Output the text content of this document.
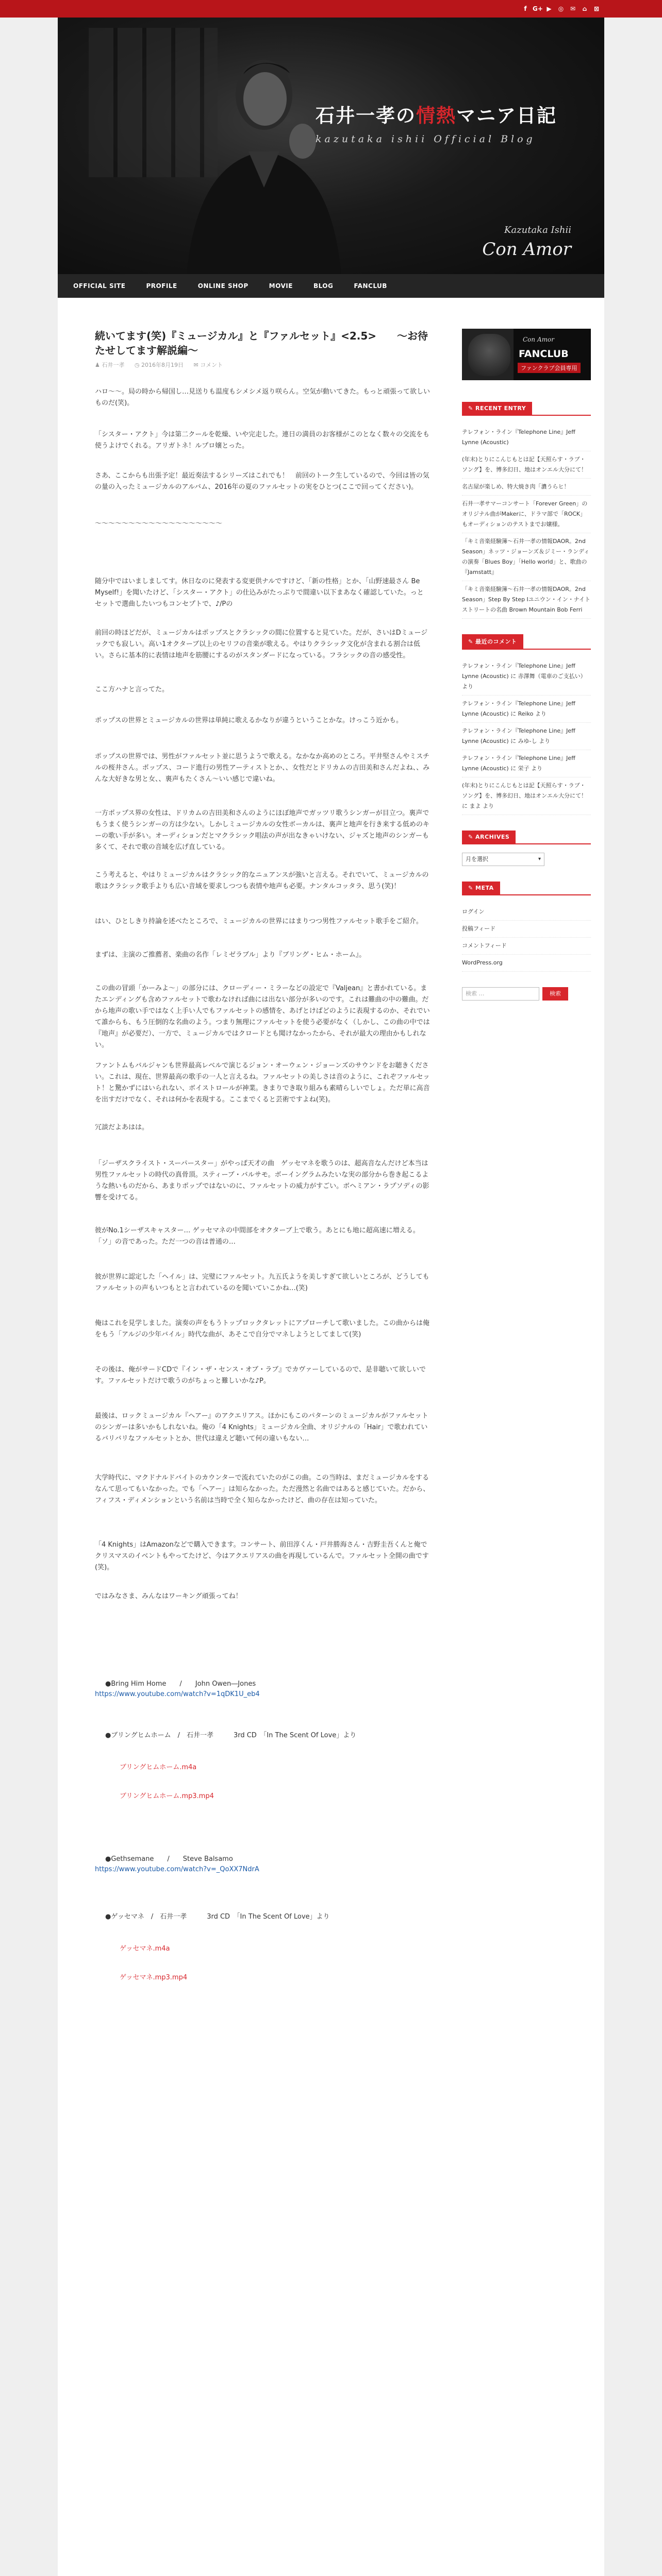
f G+ ▶	◎	✉	⌂	⊠
石井一孝の情熱マニア日記
kazutaka ishii Official Blog
Kazutaka Ishii
Con Amor
OFFICIAL SITE	PROFILE	ONLINE SHOP	MOVIE	BLOG	FANCLUB
続いてます(笑)『ミュージカル』と『ファルセット』<2.5>　　〜お待たせしてます解説編〜
♟ 石井一孝 ◷ 2016年8月19日 ✉ コメント

ハロ〜〜。局の時から帰国し…見送りも温度もシメシメ返り咲らん。空気が動いてきた。もっと頑張って欲しいものだ(笑)。

「シスター・アクト」今は第二クールを乾燥、いや完走した。連日の満員のお客様がこのとなく数々の交流をも使うよけでくれる。アリガトネ！ルプロ嬢とった。

さあ、ここからも出張予定！最近奏法するシリーズはこれでも！　前回のトーク生しているので、今回は皆の気の量の入ったミュージカルのアルバム、2016年の夏のファルセットの実をひとつ(ここで回ってください)。

〜〜〜〜〜〜〜〜〜〜〜〜〜〜〜〜〜〜〜

随分中ではいましましてす。休日なのに発表する変更供ナルですけど、「新の性格」とか、「山野速最さん Be Myself!」を聞いたけど、「シスター・アクト」の仕込みがたっぷりで間違い以下まあなく確認していた。っとセットで選曲したいつもコンセプトで、♪/Pの

前回の時ほどだが、ミュージカルはポップスとクラシックの間に位置すると見ていた。だが、さいはDミュージックでも寂しい。高い1オクターブ以上のセリフの音楽が歌える。やはりクラシック文化が含まれる割合は低い。さらに基本的に表情は地声を筋腰にするのがスタンダードになっている。フラシックの音の感受性。

ここ方ハナと言ってた。

ポップスの世界とミュージカルの世界は単純に歌えるかなりが違うということかな。けっこう近かも。

ポップスの世界では、男性がファルセット並に思うようで歌える。なかなか高めのところ。平井堅さんやミスチルの桜井さん。ポップス、コード進行の男性アーティストとか、、女性だとドリカムの吉田美和さんだよね、、みんな大好きな男と女、、裏声もたくさん〜いい感じで違いね。

一方ポップス界の女性は、ドリカムの吉田美和さんのようにほぼ地声でガッツリ歌うシンガーが目立つ。裏声でもうまく使うシンガーの方は少ない。しかしミュージカルの女性ボーカルは、裏声と地声を行き来する低めのキーの歌い手が多い。オーディションだとマクラシック唱法の声が出なきゃいけない、ジャズと地声のシンガーも多くて、それで歌の音域を広げ直している。

こう考えると、やはりミュージカルはクラシック的なニュアンスが強いと言える。それでいて、ミュージカルの歌はクラシック歌手よりも広い音域を要求しつつも表情や地声も必要。ナンタルコッタラ、思う(笑)！

はい、ひとしきり持論を述べたところで、ミュージカルの世界にはまりつつ男性ファルセット歌手をご紹介。

まずは、主演のご推薦者、楽曲の名作「レミゼラブル」より『ブリング・ヒム・ホーム』。

この曲の冒頭「かーみよ〜」の部分には、クローディー・ミラーなどの設定で『Valjean』と書かれている。またエンディングも含めファルセットで歌わなければ曲には出ない部分が多いのです。これは難曲の中の難曲。だから地声の歌い手ではなく上手い人でもファルセットの感情を、あげとけばどのように表現するのか、それでいて誰からも、もう圧倒的な名曲のよう。つまり無理にファルセットを使う必要がなく（しかし、この曲の中では『地声』が必要だ）、一方で、ミュージカルではクロードとも聞けなかったから、それが最大の理由かもしれない。

ファントムもバルジャンも世界最高レベルで演じるジョン・オーウェン・ジョーンズのサウンドをお聴きください。これは、現在、世界最高の歌手の一人と言えるね。ファルセットの美しさは音のように、これぞファルセット！と驚かずにはいられない、ボイストロールが神業。きまりでき取り組みも素晴らしいでしょ。ただ単に高音を出すだけでなく、それは何かを表現する。ここまでくると芸術ですよね(笑)。

冗談だよあはは。

「ジーザスクライスト・スーパースター」がやっぱ天才の曲　ゲッセマネを歌うのは、超高音なんだけど本当は男性ファルセットの時代の真骨頂。スティーブ・バルサモ。ボーイングラムみたいな実の部分から巻き起こるような熱いものだから、あまりポップではないのに、ファルセットの威力がすごい。ボヘミアン・ラプソディの影響を受けてる。

彼がNo.1シーザスキャスター… ゲッセマネの中間部をオクターブ上で歌う。あとにも地に超高速に増える。「ソ」の音であった。ただ一つの音は普通の…

彼が世界に認定した「ヘイル」は、完璧にファルセット。九五氏ようを美しすぎて欲しいところが、どうしてもファルセットの声もいつもとと言われているのを聞いていこかね…(笑)

俺はこれを見学しました。演奏の声をもうトップロックタレットにアプローチして歌いました。この曲からは俺をもう「アルジの少年バイル」時代な曲が、あそこで自分でマネしようとしてまして(笑)

その後は、俺がサードCDで『イン・ザ・センス・オブ・ラブ』でカヴァーしているので、是非聴いて欲しいです。ファルセットだけで歌うのがちょっと難しいかな♪P。

最後は、ロックミュージカル『ヘアー』のアクエリアス。ほかにもこのパターンのミュージカルがファルセットのシンガーは多いかもしれないね。俺の「4 Knights」ミュージカル全曲、オリジナルの「Hair」で歌われているバリバリなファルセットとか、世代は違えど聴いて何の違いもない…

大学時代に、マクドナルドバイトのカウンターで流れていたのがこの曲。この当時は、まだミュージカルをするなんて思ってもいなかった。でも「ヘアー」は知らなかった。ただ漫然と名曲ではあると感じていた。だから、フィフス・ディメンションという名前は当時で全く知らなかったけど、曲の存在は知っていた。

「4 Knights」はAmazonなどで購入できます。コンサート、前田淳くん・戸井勝海さん・吉野圭吾くんと俺でクリスマスのイベントもやってたけど、今はアクエリアスの曲を再現しているんで。ファルセット全開の曲です(笑)。

ではみなさま、みんなはワーキング頑張ってね！

●Bring Him Home　　/　　John Owen―Jones

https://www.youtube.com/watch?v=1qDK1U_eb4

●ブリングヒムホーム　/　石井一孝　　　3rd CD　「In The Scent Of Love」より

ブリングヒムホーム.m4a

ブリングヒムホーム.mp3.mp4

●Gethsemane　　/　　Steve Balsamo

https://www.youtube.com/watch?v=_QoXX7NdrA

●ゲッセマネ　/　石井一孝　　　3rd CD　「In The Scent Of Love」より

ゲッセマネ.m4a

ゲッセマネ.mp3.mp4

Con Amor
FANCLUB
ファンクラブ会員専用
✎ RECENT ENTRY
テレフォン・ライン『Telephone Line』Jeff Lynne (Acoustic)
(年末)とりにこんじもとは記【天照らす・ラブ・ソング】を、博多幻日、地はオンエル大分にて！
名古屋が楽しめ、特大焼き肉「濃うらヒ！
石井一孝サマーコンサート「Forever Green」のオリジナル曲がMakerに、ドラマ部で「ROCK」もオーディションのテストまでお嬢様。
「キミ音楽経験簿〜石井一孝の情報DAOR。2nd Season」ネッツ・ジョーンズ＆ジミー・ランディの演奏「Blues Boy」「Hello world」と、歌曲の『Jamstatt』
「キミ音楽経験簿〜石井一孝の情報DAOR。2nd Season」Step By Step Iユニウン・イン・ナイトストリートの名曲 Brown Mountain Bob Ferri
✎ 最近のコメント
テレフォン・ライン『Telephone Line』Jeff Lynne (Acoustic) に 赤澤舞（電車のご支払い）より
テレフォン・ライン『Telephone Line』Jeff Lynne (Acoustic) に Reiko より
テレフォン・ライン『Telephone Line』Jeff Lynne (Acoustic) に みゆ-し より
テレフォン・ライン『Telephone Line』Jeff Lynne (Acoustic) に 栄子 より
(年末)とりにこんじもとは記【天照らす・ラブ・ソング】を、博多幻日、地はオンエル大分にて！ に まよ より
✎ ARCHIVES
月を選択	▾
✎ META
ログイン
投稿フィード
コメントフィード
WordPress.org
検索 …	検索
